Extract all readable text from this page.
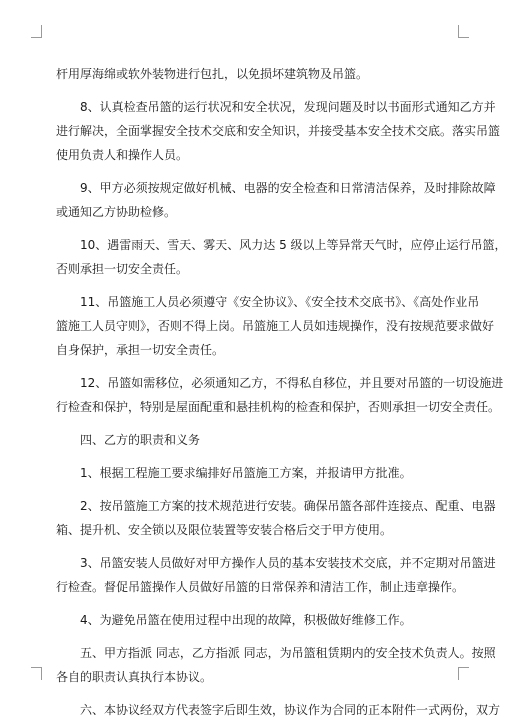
杆用厚海绵或软外装物进行包扎，以免损坏建筑物及吊篮。
8、认真检查吊篮的运行状况和安全状况，发现问题及时以书面形式通知乙方并
进行解决，全面掌握安全技术交底和安全知识，并接受基本安全技术交底。落实吊篮
使用负责人和操作人员。
9、甲方必须按规定做好机械、电器的安全检查和日常清洁保养，及时排除故障
或通知乙方协助检修。
10、遇雷雨天、雪天、雾天、风力达 5 级以上等异常天气时，应停止运行吊篮，
否则承担一切安全责任。
11、吊篮施工人员必须遵守《安全协议》、《安全技术交底书》、《高处作业吊
篮施工人员守则》，否则不得上岗。吊篮施工人员如违规操作，没有按规范要求做好
自身保护，承担一切安全责任。
12、吊篮如需移位，必须通知乙方，不得私自移位，并且要对吊篮的一切设施进
行检查和保护，特别是屋面配重和悬挂机构的检查和保护，否则承担一切安全责任。
四、乙方的职责和义务
1、根据工程施工要求编排好吊篮施工方案，并报请甲方批准。
2、按吊篮施工方案的技术规范进行安装。确保吊篮各部件连接点、配重、电器
箱、提升机、安全锁以及限位装置等安装合格后交于甲方使用。
3、吊篮安装人员做好对甲方操作人员的基本安装技术交底，并不定期对吊篮进
行检查。督促吊篮操作人员做好吊篮的日常保养和清洁工作，制止违章操作。
4、为避免吊篮在使用过程中出现的故障，积极做好维修工作。
五、甲方指派 同志，乙方指派 同志，为吊篮租赁期内的安全技术负责人。按照
各自的职责认真执行本协议。
六、本协议经双方代表签字后即生效，协议作为合同的正本附件一式两份，双方
